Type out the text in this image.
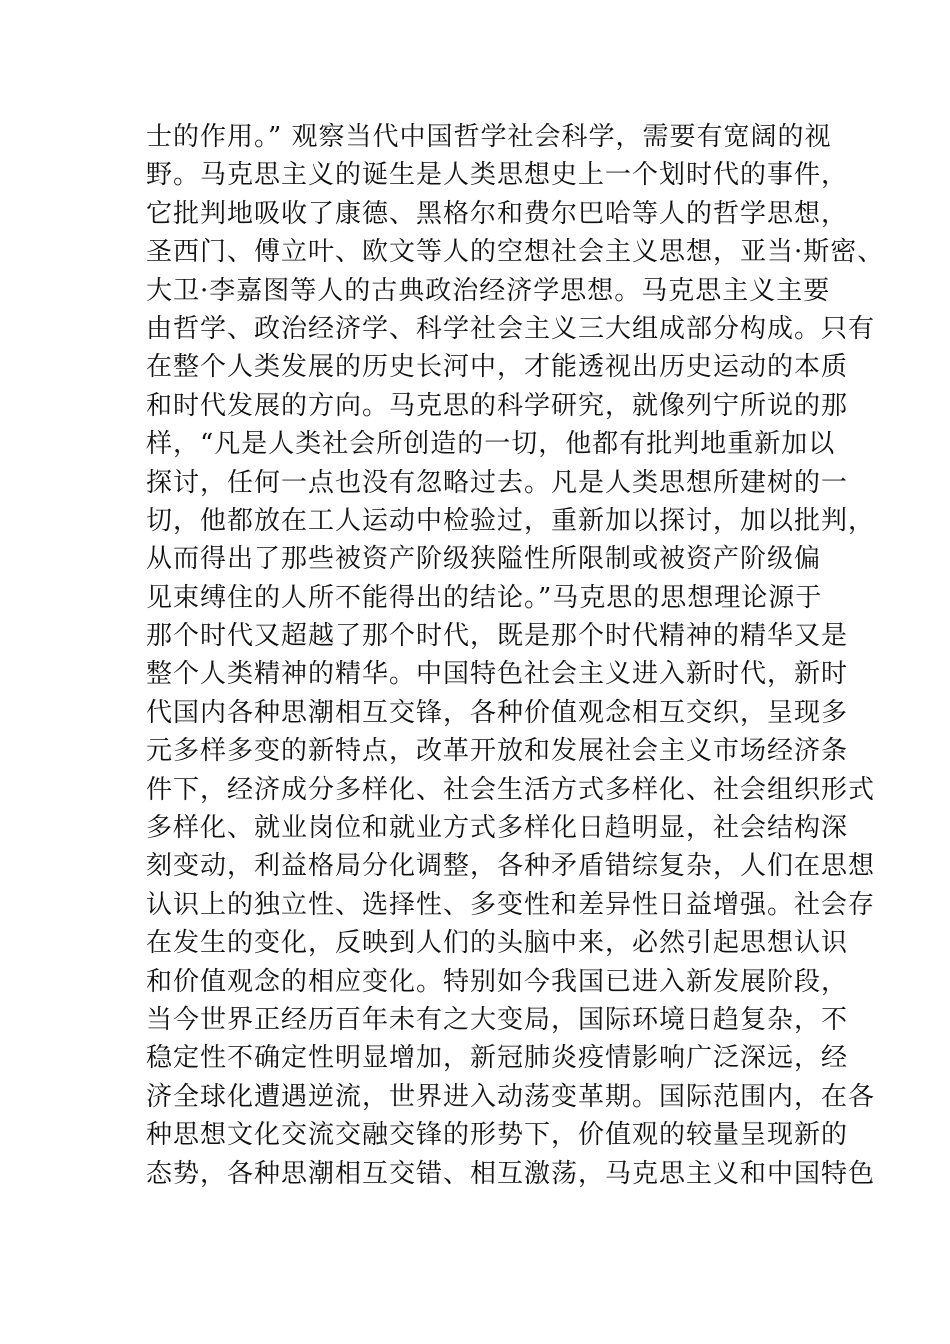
士的作用。” 观察当代中国哲学社会科学，需要有宽阔的视
野。马克思主义的诞生是人类思想史上一个划时代的事件，
它批判地吸收了康德、黑格尔和费尔巴哈等人的哲学思想，
圣西门、傅立叶、欧文等人的空想社会主义思想，亚当·斯密、
大卫·李嘉图等人的古典政治经济学思想。马克思主义主要
由哲学、政治经济学、科学社会主义三大组成部分构成。只有
在整个人类发展的历史长河中，才能透视出历史运动的本质
和时代发展的方向。马克思的科学研究，就像列宁所说的那
样，“凡是人类社会所创造的一切，他都有批判地重新加以
探讨，任何一点也没有忽略过去。凡是人类思想所建树的一
切，他都放在工人运动中检验过，重新加以探讨，加以批判，
从而得出了那些被资产阶级狭隘性所限制或被资产阶级偏
见束缚住的人所不能得出的结论。”马克思的思想理论源于
那个时代又超越了那个时代，既是那个时代精神的精华又是
整个人类精神的精华。中国特色社会主义进入新时代，新时
代国内各种思潮相互交锋，各种价值观念相互交织，呈现多
元多样多变的新特点，改革开放和发展社会主义市场经济条
件下，经济成分多样化、社会生活方式多样化、社会组织形式
多样化、就业岗位和就业方式多样化日趋明显，社会结构深
刻变动，利益格局分化调整，各种矛盾错综复杂，人们在思想
认识上的独立性、选择性、多变性和差异性日益增强。社会存
在发生的变化，反映到人们的头脑中来，必然引起思想认识
和价值观念的相应变化。特别如今我国已进入新发展阶段，
当今世界正经历百年未有之大变局，国际环境日趋复杂，不
稳定性不确定性明显增加，新冠肺炎疫情影响广泛深远，经
济全球化遭遇逆流，世界进入动荡变革期。国际范围内，在各
种思想文化交流交融交锋的形势下，价值观的较量呈现新的
态势，各种思潮相互交错、相互激荡，马克思主义和中国特色
